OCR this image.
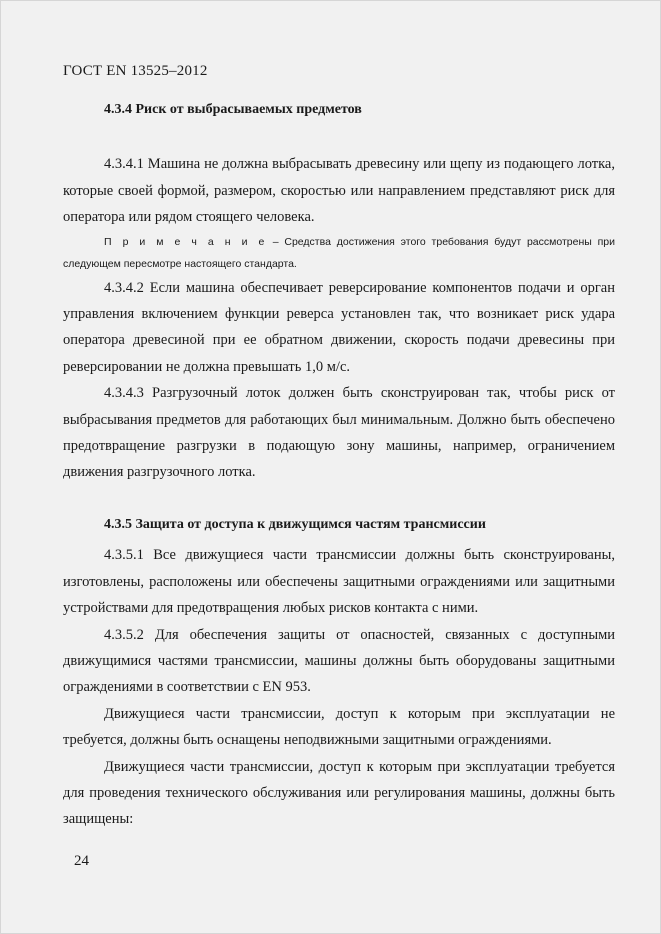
ГОСТ EN 13525–2012

4.3.4 Риск от выбрасываемых предметов

4.3.4.1 Машина не должна выбрасывать древесину или щепу из подающего лотка, которые своей формой, размером, скоростью или направлением представляют риск для оператора или рядом стоящего человека.

П р и м е ч а н и е – Средства достижения этого требования будут рассмотрены при следующем пересмотре настоящего стандарта.

4.3.4.2 Если машина обеспечивает реверсирование компонентов подачи и орган управления включением функции реверса установлен так, что возникает риск удара оператора древесиной при ее обратном движении, скорость подачи древесины при реверсировании не должна превышать 1,0 м/с.

4.3.4.3 Разгрузочный лоток должен быть сконструирован так, чтобы риск от выбрасывания предметов для работающих был минимальным. Должно быть обеспечено предотвращение разгрузки в подающую зону машины, например, ограничением движения разгрузочного лотка.

4.3.5 Защита от доступа к движущимся частям трансмиссии

4.3.5.1 Все движущиеся части трансмиссии должны быть сконструированы, изготовлены, расположены или обеспечены защитными ограждениями или защитными устройствами для предотвращения любых рисков контакта с ними.

4.3.5.2 Для обеспечения защиты от опасностей, связанных с доступными движущимися частями трансмиссии, машины должны быть оборудованы защитными ограждениями в соответствии с EN 953.

Движущиеся части трансмиссии, доступ к которым при эксплуатации не требуется, должны быть оснащены неподвижными защитными ограждениями.

Движущиеся части трансмиссии, доступ к которым при эксплуатации требуется для проведения технического обслуживания или регулирования машины, должны быть защищены:

24
